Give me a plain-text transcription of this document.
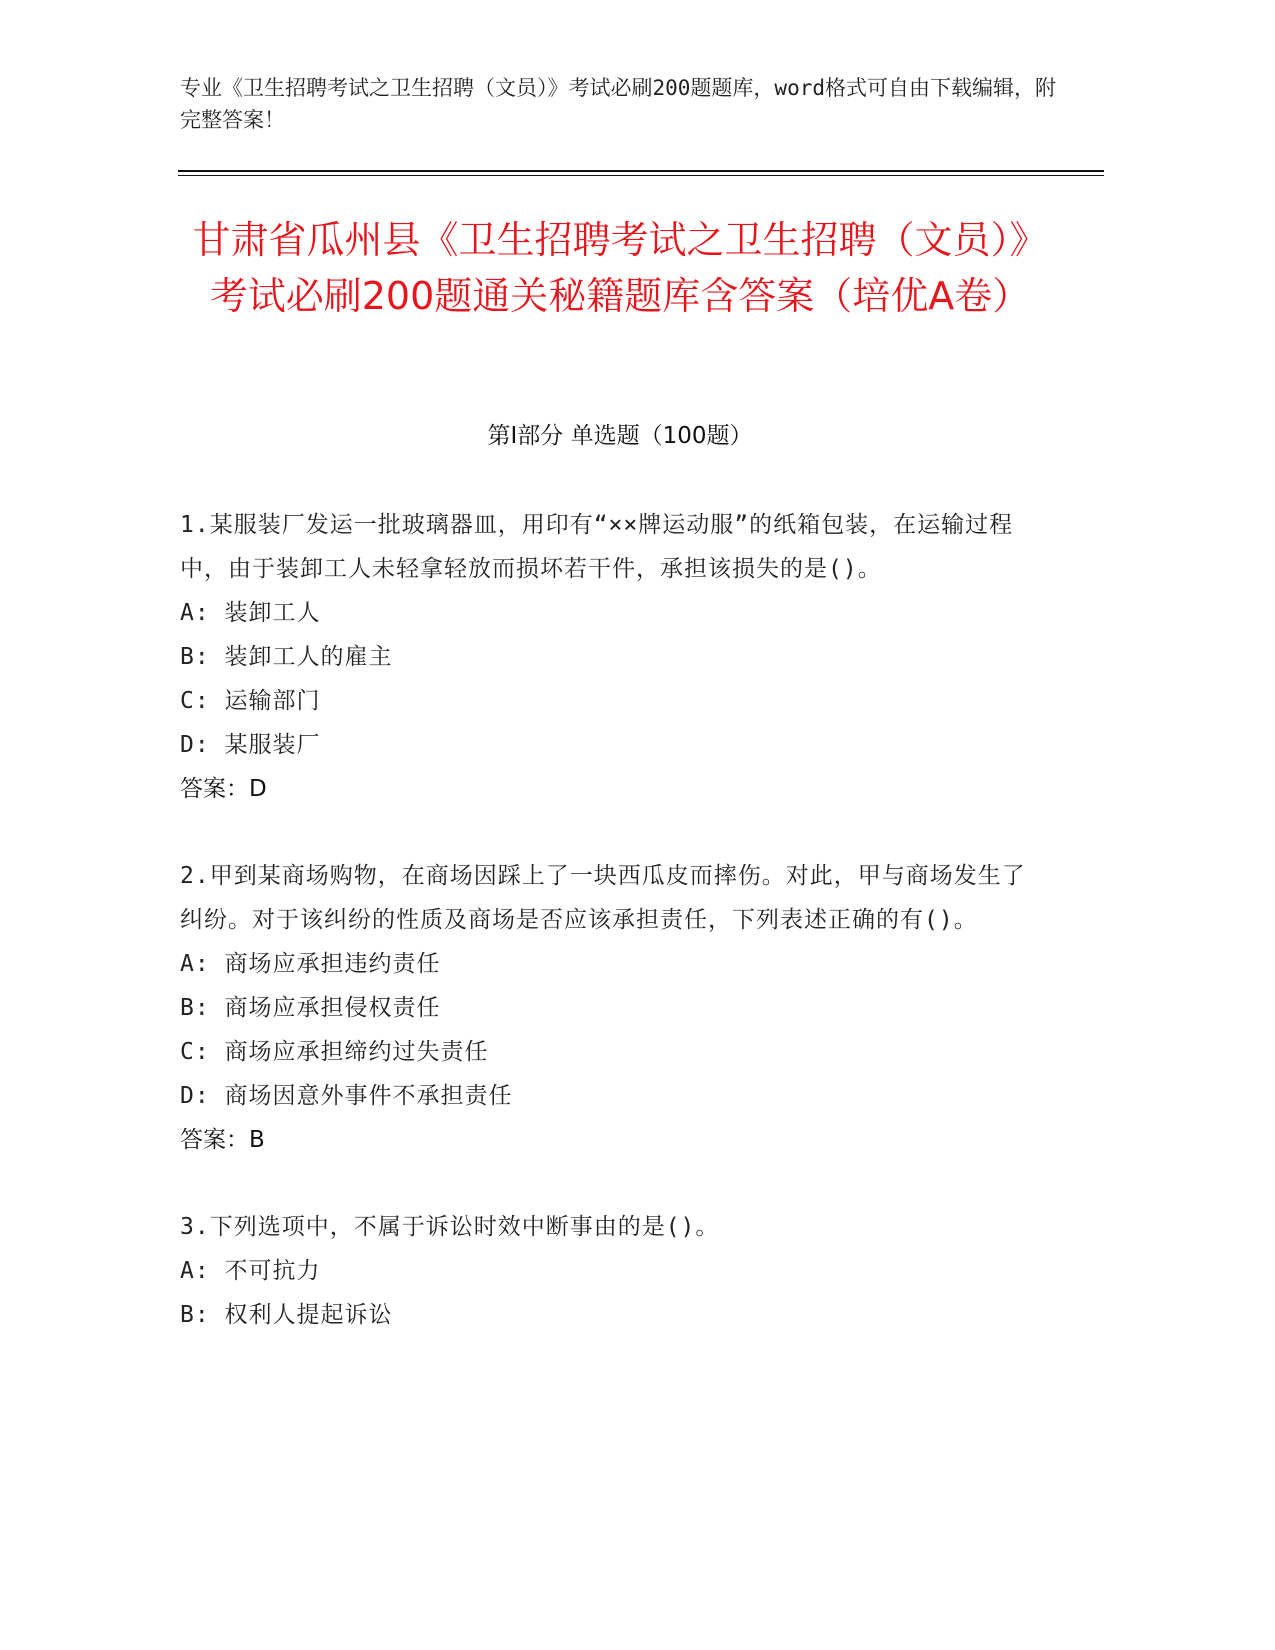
专业《卫生招聘考试之卫生招聘（文员）》考试必刷200题题库，word格式可自由下载编辑，附完整答案！
甘肃省瓜州县《卫生招聘考试之卫生招聘（文员）》考试必刷200题通关秘籍题库含答案（培优A卷）
第Ⅰ部分 单选题（100题）

1.某服装厂发运一批玻璃器皿，用印有“××牌运动服”的纸箱包装，在运输过程中，由于装卸工人未轻拿轻放而损坏若干件，承担该损失的是()。

A: 装卸工人

B: 装卸工人的雇主

C: 运输部门

D: 某服装厂

答案：D

2.甲到某商场购物，在商场因踩上了一块西瓜皮而摔伤。对此，甲与商场发生了纠纷。对于该纠纷的性质及商场是否应该承担责任，下列表述正确的有()。

A: 商场应承担违约责任

B: 商场应承担侵权责任

C: 商场应承担缔约过失责任

D: 商场因意外事件不承担责任

答案：B

3.下列选项中，不属于诉讼时效中断事由的是()。

A: 不可抗力

B: 权利人提起诉讼
